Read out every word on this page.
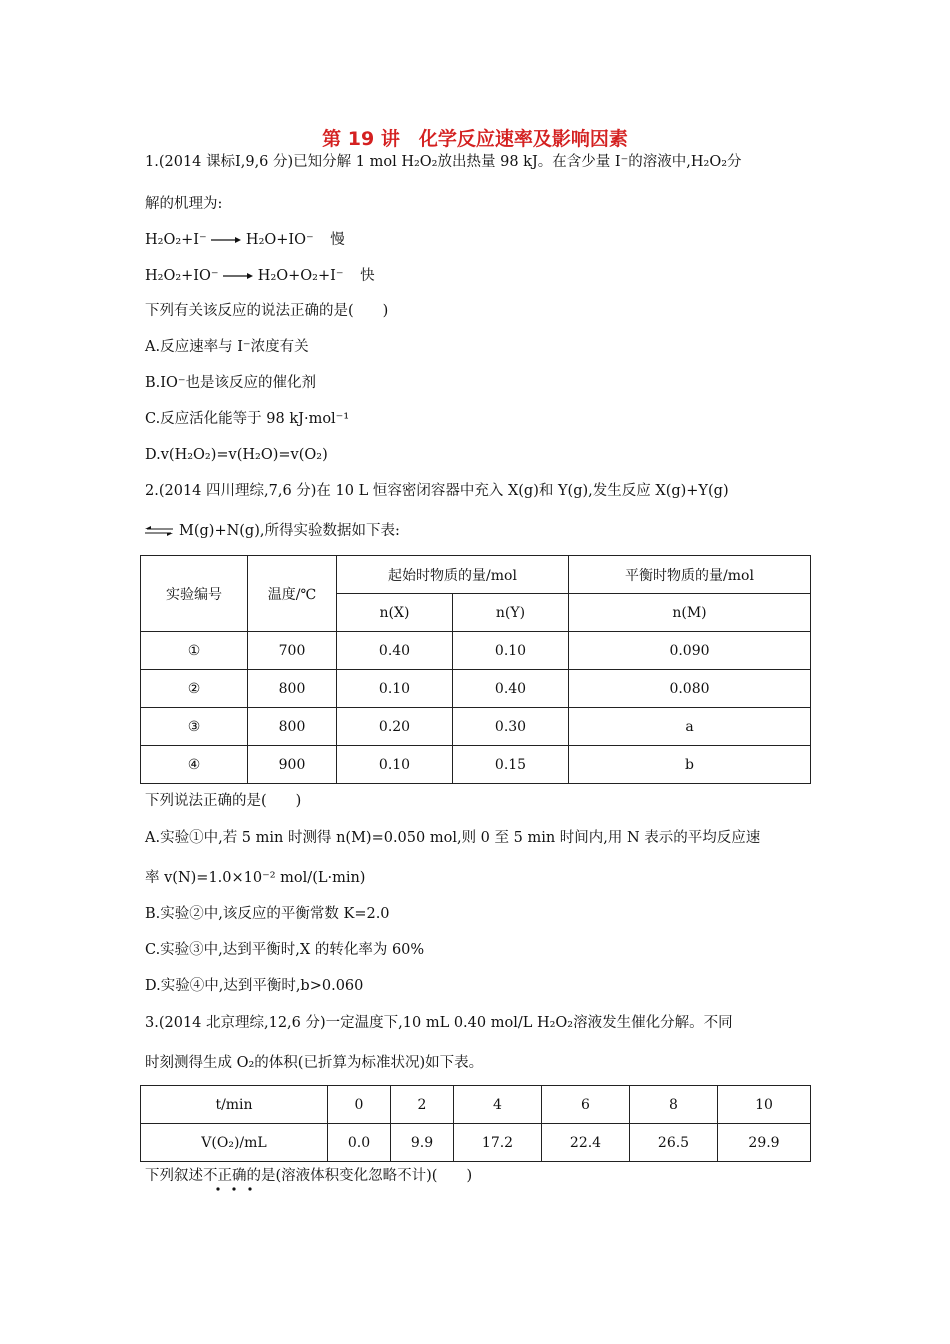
第 19 讲　化学反应速率及影响因素
1.(2014 课标Ⅰ,9,6 分)已知分解 1 mol H₂O₂放出热量 98 kJ。在含少量 I⁻的溶液中,H₂O₂分
解的机理为:
H₂O₂+I⁻ → H₂O+IO⁻ 慢
H₂O₂+IO⁻ → H₂O+O₂+I⁻ 快
下列有关该反应的说法正确的是(　　)
A.反应速率与 I⁻浓度有关
B.IO⁻也是该反应的催化剂
C.反应活化能等于 98 kJ·mol⁻¹
D.v(H₂O₂)=v(H₂O)=v(O₂)
2.(2014 四川理综,7,6 分)在 10 L 恒容密闭容器中充入 X(g)和 Y(g),发生反应 X(g)+Y(g)
⇌ M(g)+N(g),所得实验数据如下表:
实验编号	温度/℃	起始时物质的量/mol		平衡时物质的量/mol
		n(X)	n(Y)	n(M)
①	700	0.40	0.10	0.090
②	800	0.10	0.40	0.080
③	800	0.20	0.30	a
④	900	0.10	0.15	b
下列说法正确的是(　　)
A.实验①中,若 5 min 时测得 n(M)=0.050 mol,则 0 至 5 min 时间内,用 N 表示的平均反应速
率 v(N)=1.0×10⁻² mol/(L·min)
B.实验②中,该反应的平衡常数 K=2.0
C.实验③中,达到平衡时,X 的转化率为 60%
D.实验④中,达到平衡时,b>0.060
3.(2014 北京理综,12,6 分)一定温度下,10 mL 0.40 mol/L H₂O₂溶液发生催化分解。不同
时刻测得生成 O₂的体积(已折算为标准状况)如下表。
t/min	0	2	4	6	8	10
V(O₂)/mL	0.0	9.9	17.2	22.4	26.5	29.9
下列叙述不正确的是(溶液体积变化忽略不计)(　　)
